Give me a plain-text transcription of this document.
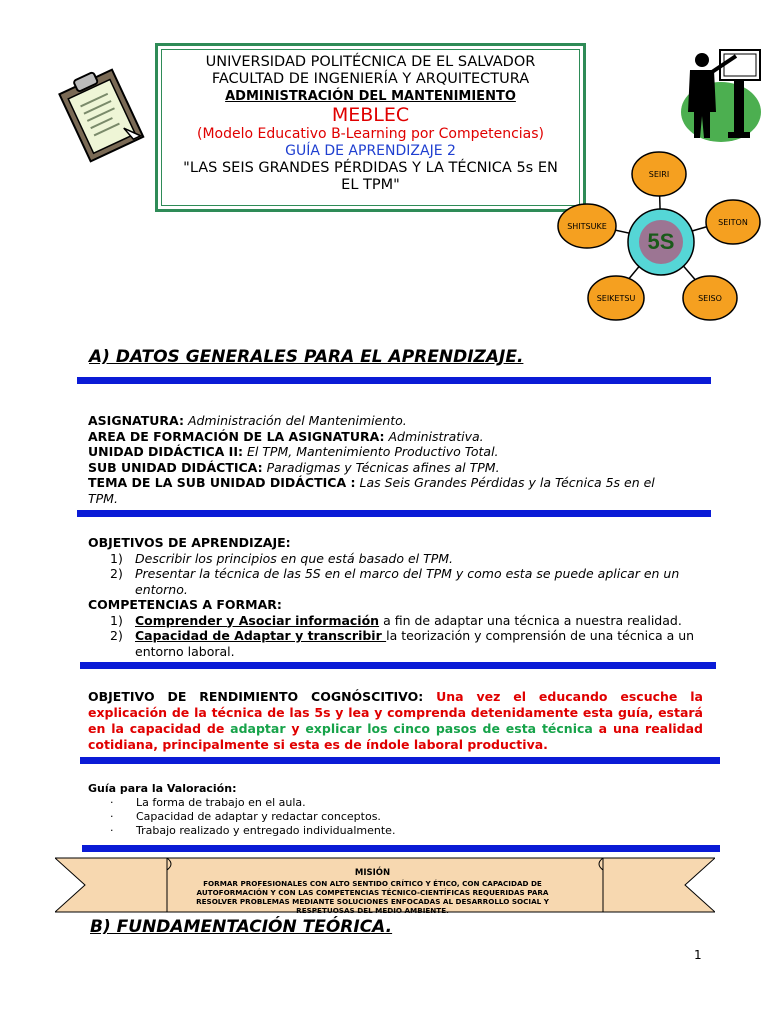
UNIVERSIDAD POLITÉCNICA DE EL SALVADOR
FACULTAD DE INGENIERÍA Y ARQUITECTURA
ADMINISTRACIÓN DEL MANTENIMIENTO
MEBLEC
(Modelo Educativo B-Learning por Competencias)
GUÍA DE APRENDIZAJE 2
"LAS SEIS GRANDES PÉRDIDAS Y LA TÉCNICA 5s EN EL TPM"
5S
SEIRI
SEITON
SEISO
SEIKETSU
SHITSUKE
A) DATOS GENERALES PARA EL APRENDIZAJE.
ASIGNATURA: Administración del Mantenimiento.
AREA DE FORMACIÓN DE LA ASIGNATURA: Administrativa.
UNIDAD DIDÁCTICA II: El TPM, Mantenimiento Productivo Total.
SUB UNIDAD DIDÁCTICA: Paradigmas y Técnicas afines al TPM.
TEMA DE LA SUB UNIDAD DIDÁCTICA : Las Seis Grandes Pérdidas y la Técnica 5s en el TPM.
OBJETIVOS DE APRENDIZAJE:
1) Describir los principios en que está basado el TPM.
2) Presentar la técnica de las 5S en el marco del TPM y como esta se puede aplicar en un entorno.
COMPETENCIAS A FORMAR:
1) Comprender y Asociar información a fin de adaptar una técnica a nuestra realidad.
2) Capacidad de Adaptar y transcribir la teorización y comprensión de una técnica a un entorno laboral.
OBJETIVO DE RENDIMIENTO COGNÓSCITIVO: Una vez el educando escuche la explicación de la técnica de las 5s y lea y comprenda detenidamente esta guía, estará en la capacidad de adaptar y explicar los cinco pasos de esta técnica a una realidad cotidiana, principalmente si esta es de índole laboral productiva.
Guía para la Valoración:
· La forma de trabajo en el aula.
· Capacidad de adaptar y redactar conceptos.
· Trabajo realizado y entregado individualmente.
MISIÓN
FORMAR PROFESIONALES CON ALTO SENTIDO CRÍTICO Y ÉTICO, CON CAPACIDAD DE AUTOFORMACIÓN Y CON LAS COMPETENCIAS TÉCNICO-CIENTÍFICAS REQUERIDAS PARA RESOLVER PROBLEMAS MEDIANTE SOLUCIONES ENFOCADAS AL DESARROLLO SOCIAL Y RESPETUOSAS DEL MEDIO AMBIENTE.
B) FUNDAMENTACIÓN TEÓRICA.
1
